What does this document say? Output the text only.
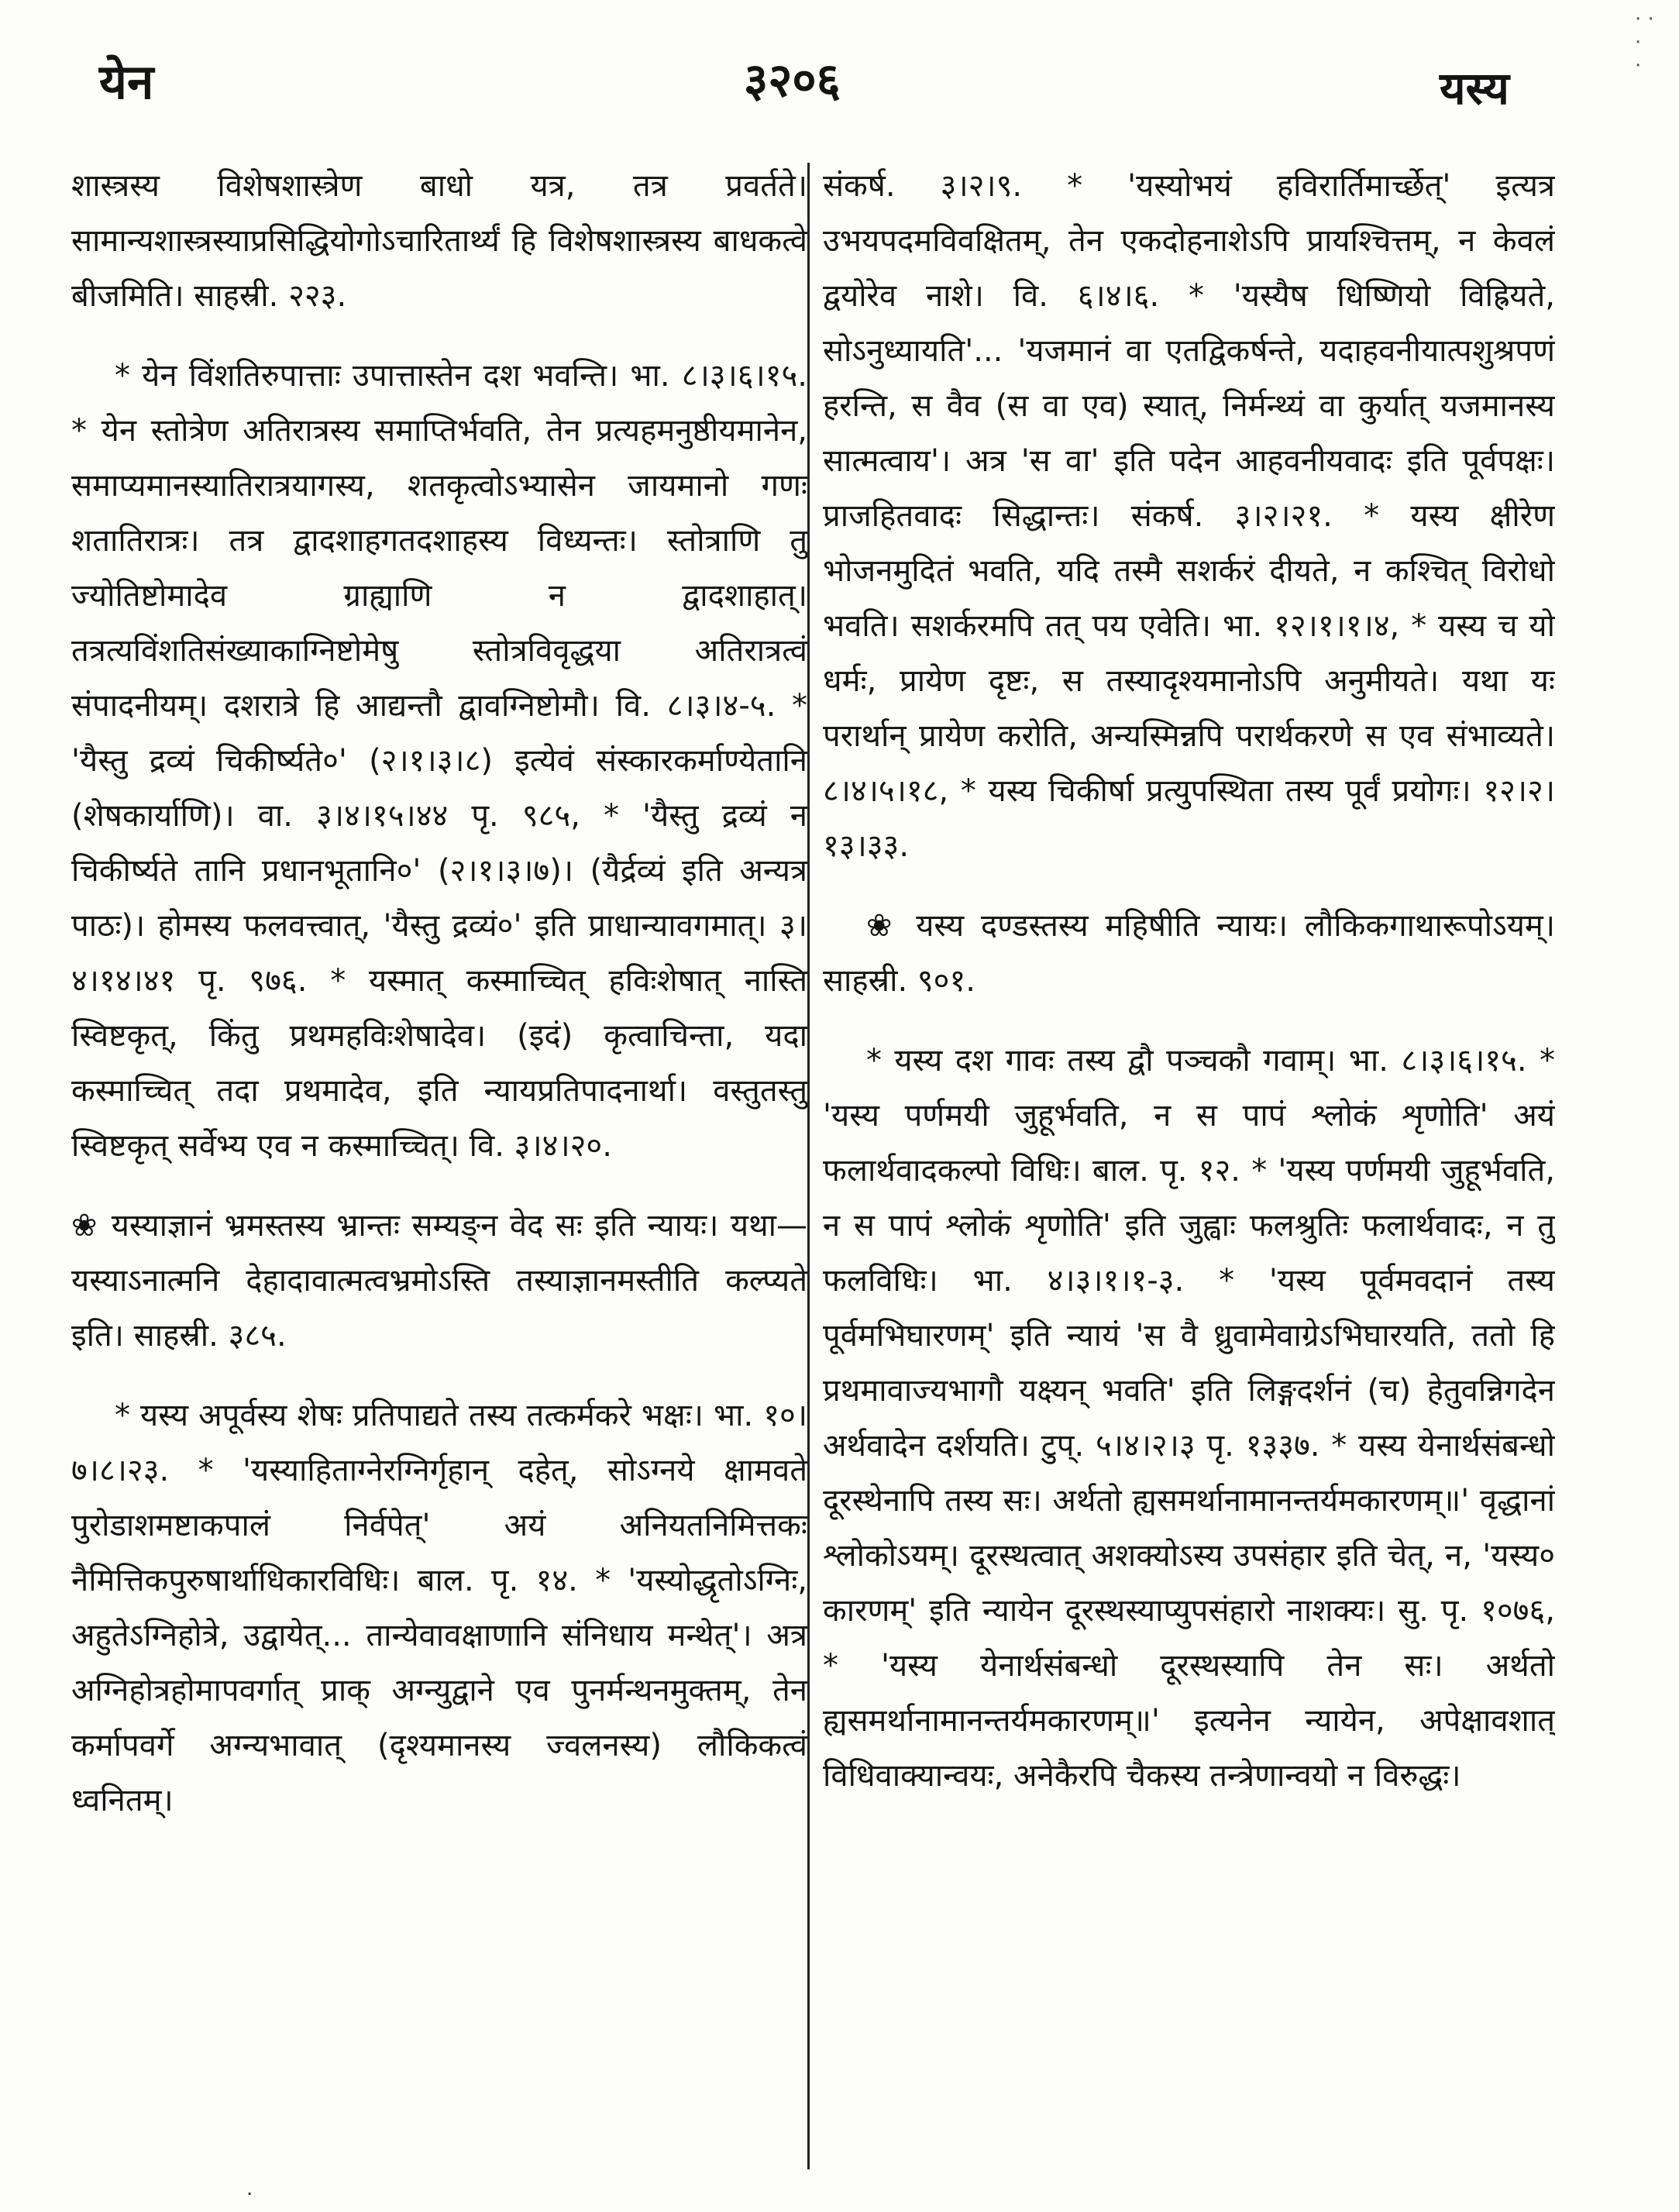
येन	३२०६	यस्य
· ·
·
·

शास्त्रस्य विशेषशास्त्रेण बाधो यत्र, तत्र प्रवर्तते। सामान्यशास्त्रस्याप्रसिद्धियोगोऽचारितार्थ्यं हि विशेषशास्त्रस्य बाधकत्वे बीजमिति। साहस्री. २२३.

* येन विंशतिरुपात्ताः उपात्तास्तेन दश भवन्ति। भा. ८।३।६।१५. * येन स्तोत्रेण अतिरात्रस्य समाप्तिर्भवति, तेन प्रत्यहमनुष्ठीयमानेन, समाप्यमानस्यातिरात्रयागस्य, शतकृत्वोऽभ्यासेन जायमानो गणः शतातिरात्रः। तत्र द्वादशाहगतदशाहस्य विध्यन्तः। स्तोत्राणि तु ज्योतिष्टोमादेव ग्राह्याणि न द्वादशाहात्। तत्रत्यविंशतिसंख्याकाग्निष्टोमेषु स्तोत्रविवृद्धया अतिरात्रत्वं संपादनीयम्। दशरात्रे हि आद्यन्तौ द्वावग्निष्टोमौ। वि. ८।३।४-५. * 'यैस्तु द्रव्यं चिकीर्ष्यते०' (२।१।३।८) इत्येवं संस्कारकर्माण्येतानि (शेषकार्याणि)। वा. ३।४।१५।४४ पृ. ९८५, * 'यैस्तु द्रव्यं न चिकीर्ष्यते तानि प्रधानभूतानि०' (२।१।३।७)। (यैर्द्रव्यं इति अन्यत्र पाठः)। होमस्य फलवत्त्वात्, 'यैस्तु द्रव्यं०' इति प्राधान्यावगमात्। ३।४।१४।४१ पृ. ९७६. * यस्मात् कस्माच्चित् हविःशेषात् नास्ति स्विष्टकृत्, किंतु प्रथमहविःशेषादेव। (इदं) कृत्वाचिन्ता, यदा कस्माच्चित् तदा प्रथमादेव, इति न्यायप्रतिपादनार्था। वस्तुतस्तु स्विष्टकृत् सर्वेभ्य एव न कस्माच्चित्। वि. ३।४।२०.

❀ यस्याज्ञानं भ्रमस्तस्य भ्रान्तः सम्यङ्न वेद सः इति न्यायः। यथा— यस्याऽनात्मनि देहादावात्मत्वभ्रमोऽस्ति तस्याज्ञानमस्तीति कल्प्यते इति। साहस्री. ३८५.

* यस्य अपूर्वस्य शेषः प्रतिपाद्यते तस्य तत्कर्मकरे भक्षः। भा. १०।७।८।२३. * 'यस्याहिताग्नेरग्निर्गृहान् दहेत्, सोऽग्नये क्षामवते पुरोडाशमष्टाकपालं निर्वपेत्' अयं अनियतनिमित्तकः नैमित्तिकपुरुषार्थाधिकारविधिः। बाल. पृ. १४. * 'यस्योद्धृतोऽग्निः, अहुतेऽग्निहोत्रे, उद्वायेत्... तान्येवावक्षाणानि संनिधाय मन्थेत्'। अत्र अग्निहोत्रहोमापवर्गात् प्राक् अग्न्युद्वाने एव पुनर्मन्थनमुक्तम्, तेन कर्मापवर्गे अग्न्यभावात् (दृश्यमानस्य ज्वलनस्य) लौकिकत्वं ध्वनितम्।

संकर्ष. ३।२।९. * 'यस्योभयं हविरार्तिमार्च्छेत्' इत्यत्र उभयपदमविवक्षितम्, तेन एकदोहनाशेऽपि प्रायश्चित्तम्, न केवलं द्वयोरेव नाशे। वि. ६।४।६. * 'यस्यैष धिष्णियो विह्रियते, सोऽनुध्यायति'... 'यजमानं वा एतद्विकर्षन्ते, यदाहवनीयात्पशुश्रपणं हरन्ति, स वैव (स वा एव) स्यात्, निर्मन्थ्यं वा कुर्यात् यजमानस्य सात्मत्वाय'। अत्र 'स वा' इति पदेन आहवनीयवादः इति पूर्वपक्षः। प्राजहितवादः सिद्धान्तः। संकर्ष. ३।२।२१. * यस्य क्षीरेण भोजनमुदितं भवति, यदि तस्मै सशर्करं दीयते, न कश्चित् विरोधो भवति। सशर्करमपि तत् पय एवेति। भा. १२।१।१।४, * यस्य च यो धर्मः, प्रायेण दृष्टः, स तस्यादृश्यमानोऽपि अनुमीयते। यथा यः परार्थान् प्रायेण करोति, अन्यस्मिन्नपि परार्थकरणे स एव संभाव्यते। ८।४।५।१८, * यस्य चिकीर्षा प्रत्युपस्थिता तस्य पूर्वं प्रयोगः। १२।२।१३।३३.

❀ यस्य दण्डस्तस्य महिषीति न्यायः। लौकिकगाथारूपोऽयम्। साहस्री. ९०१.

* यस्य दश गावः तस्य द्वौ पञ्चकौ गवाम्। भा. ८।३।६।१५. * 'यस्य पर्णमयी जुहूर्भवति, न स पापं श्लोकं शृणोति' अयं फलार्थवादकल्पो विधिः। बाल. पृ. १२. * 'यस्य पर्णमयी जुहूर्भवति, न स पापं श्लोकं शृणोति' इति जुह्वाः फलश्रुतिः फलार्थवादः, न तु फलविधिः। भा. ४।३।१।१-३. * 'यस्य पूर्वमवदानं तस्य पूर्वमभिघारणम्' इति न्यायं 'स वै ध्रुवामेवाग्रेऽभिघारयति, ततो हि प्रथमावाज्यभागौ यक्ष्यन् भवति' इति लिङ्गदर्शनं (च) हेतुवन्निगदेन अर्थवादेन दर्शयति। टुप्. ५।४।२।३ पृ. १३३७. * यस्य येनार्थसंबन्धो दूरस्थेनापि तस्य सः। अर्थतो ह्यसमर्थानामानन्तर्यमकारणम्॥' वृद्धानां श्लोकोऽयम्। दूरस्थत्वात् अशक्योऽस्य उपसंहार इति चेत्, न, 'यस्य० कारणम्' इति न्यायेन दूरस्थस्याप्युपसंहारो नाशक्यः। सु. पृ. १०७६, * 'यस्य येनार्थसंबन्धो दूरस्थस्यापि तेन सः। अर्थतो ह्यसमर्थानामानन्तर्यमकारणम्॥' इत्यनेन न्यायेन, अपेक्षावशात् विधिवाक्यान्वयः, अनेकैरपि चैकस्य तन्त्रेणान्वयो न विरुद्धः।

.
